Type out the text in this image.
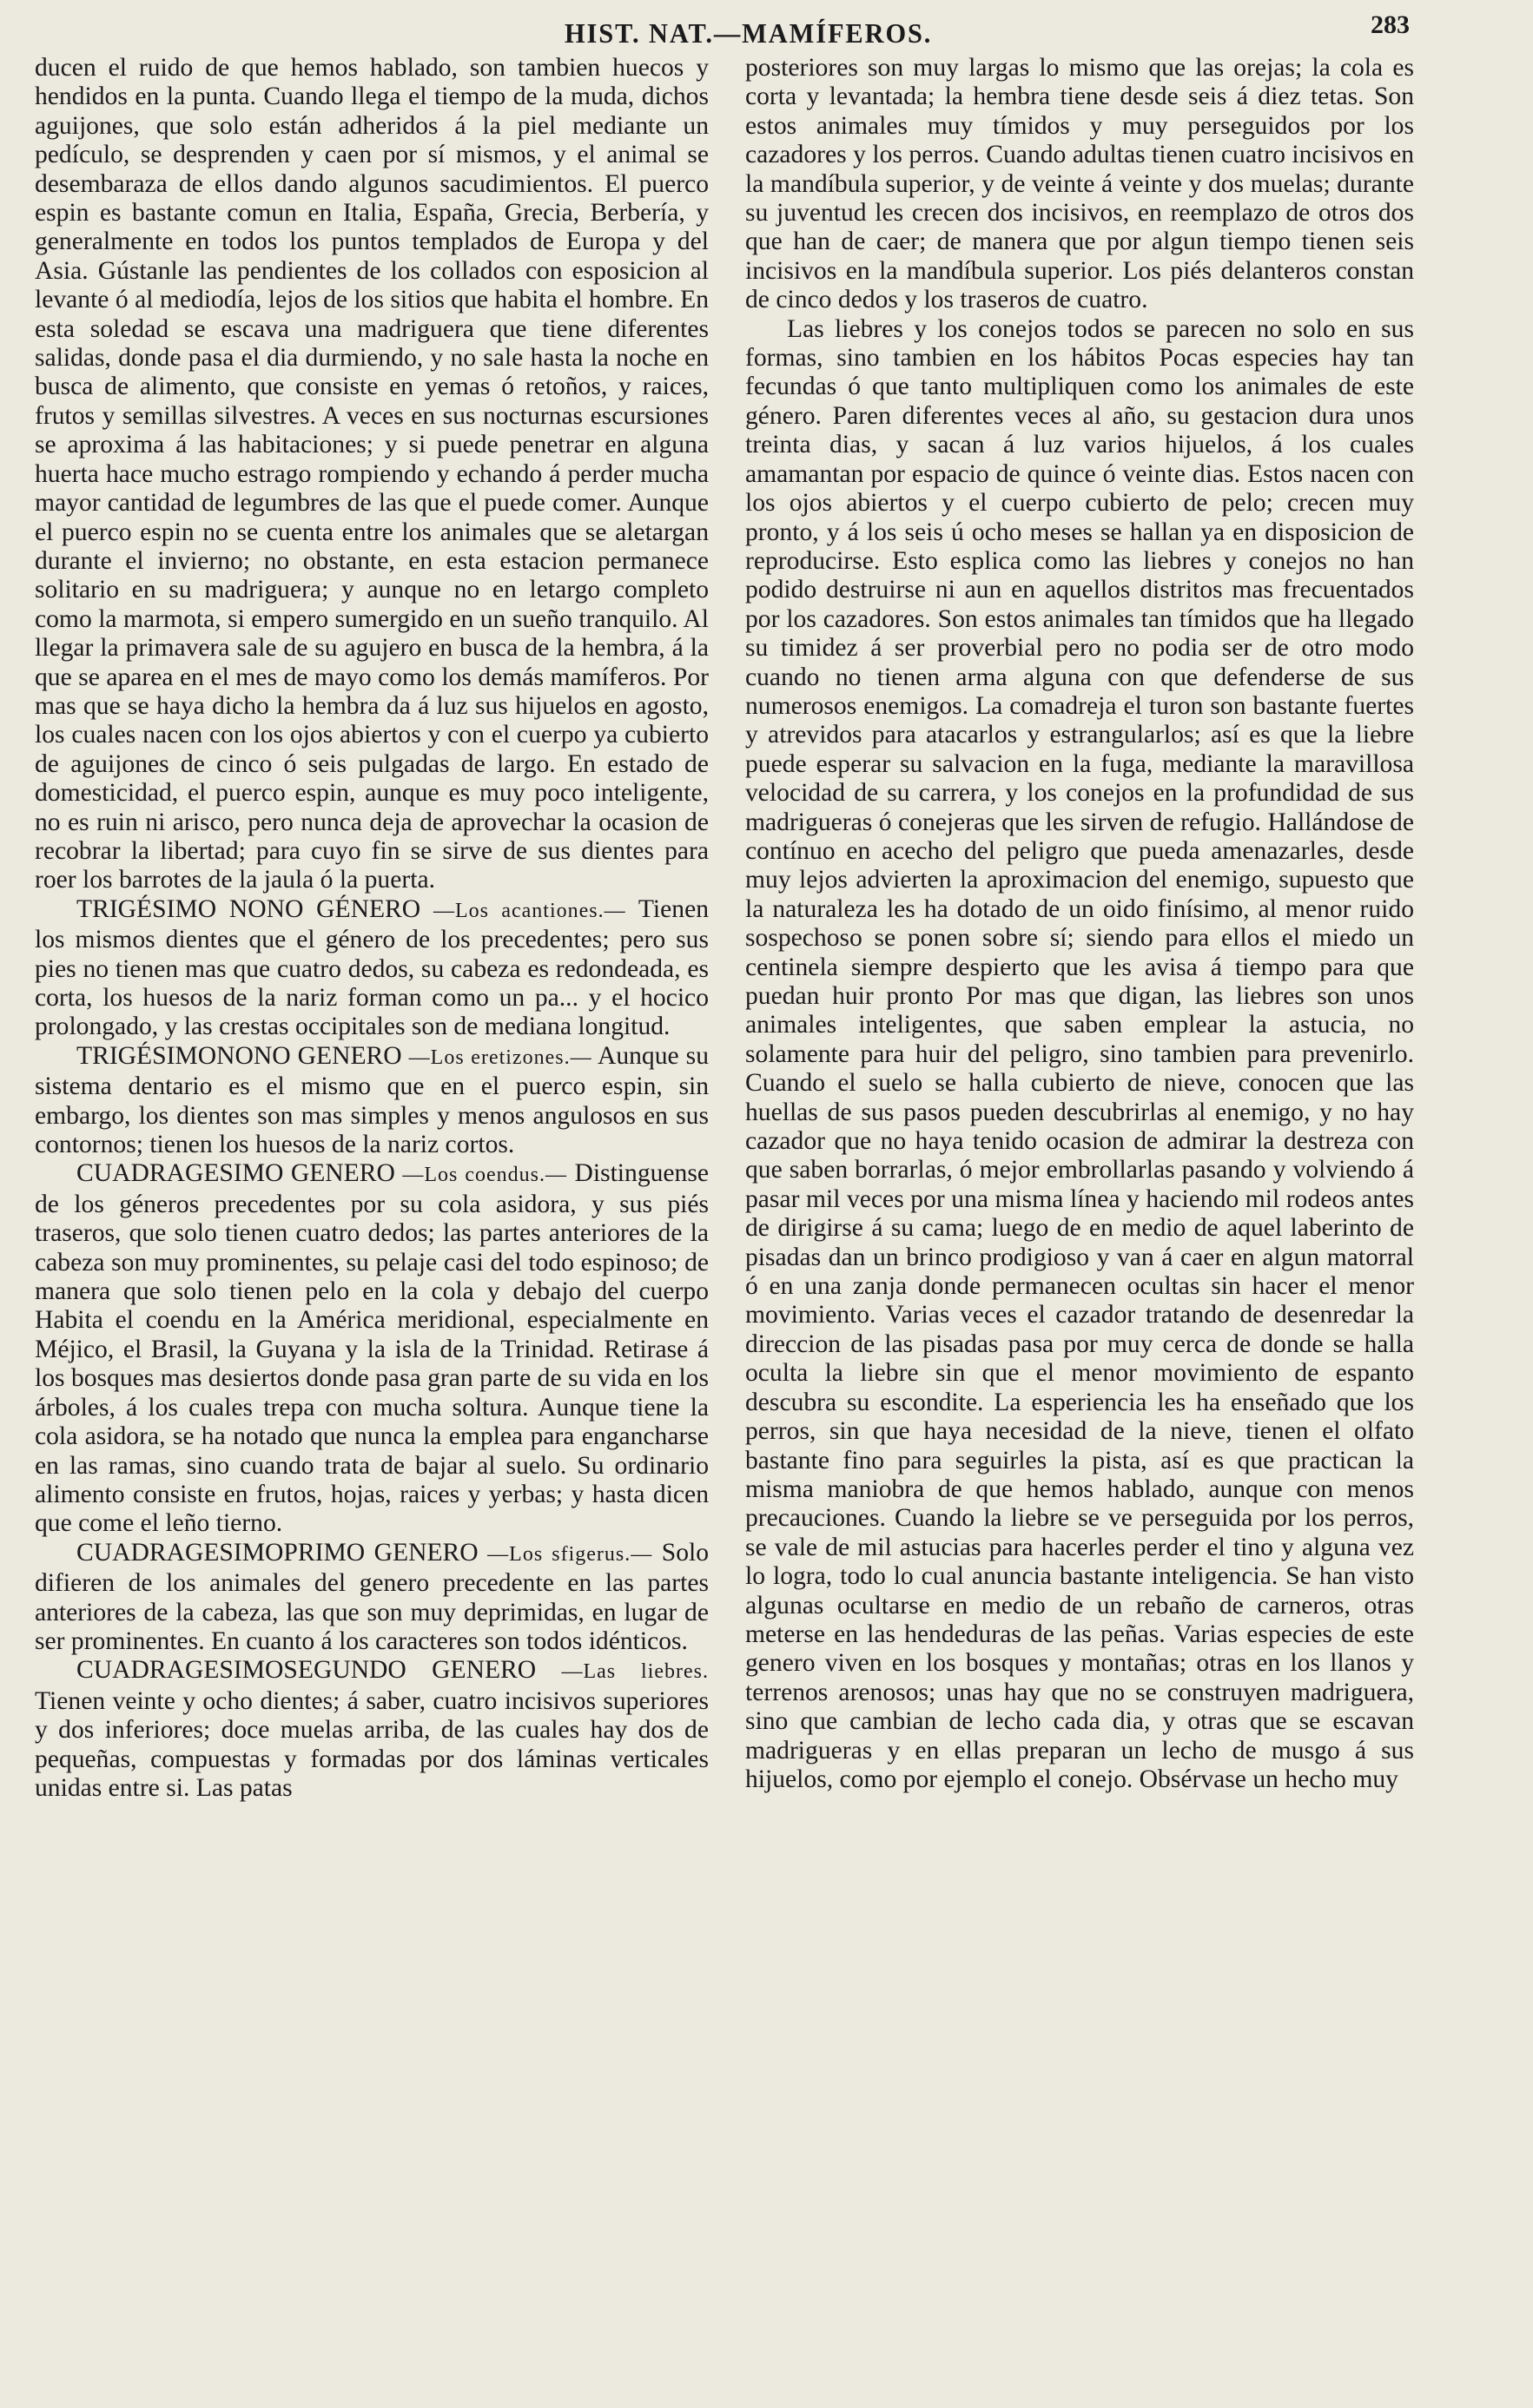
HIST. NAT.—MAMÍFEROS.	283

ducen el ruido de que hemos hablado, son tambien huecos y hendidos en la punta. Cuando llega el tiempo de la muda, dichos aguijones, que solo están adheridos á la piel mediante un pedículo, se desprenden y caen por sí mismos, y el animal se desembaraza de ellos dando algunos sacudimientos. El puerco espin es bastante comun en Italia, España, Grecia, Berbería, y generalmente en todos los puntos templados de Europa y del Asia. Gústanle las pendientes de los collados con esposicion al levante ó al mediodía, lejos de los sitios que habita el hombre. En esta soledad se escava una madriguera que tiene diferentes salidas, donde pasa el dia durmiendo, y no sale hasta la noche en busca de alimento, que consiste en yemas ó retoños, y raices, frutos y semillas silvestres. A veces en sus nocturnas escursiones se aproxima á las habitaciones; y si puede penetrar en alguna huerta hace mucho estrago rompiendo y echando á perder mucha mayor cantidad de legumbres de las que el puede comer. Aunque el puerco espin no se cuenta entre los animales que se aletargan durante el invierno; no obstante, en esta estacion permanece solitario en su madriguera; y aunque no en letargo completo como la marmota, si empero sumergido en un sueño tranquilo. Al llegar la primavera sale de su agujero en busca de la hembra, á la que se aparea en el mes de mayo como los demás mamíferos. Por mas que se haya dicho la hembra da á luz sus hijuelos en agosto, los cuales nacen con los ojos abiertos y con el cuerpo ya cubierto de aguijones de cinco ó seis pulgadas de largo. En estado de domesticidad, el puerco espin, aunque es muy poco inteligente, no es ruin ni arisco, pero nunca deja de aprovechar la ocasion de recobrar la libertad; para cuyo fin se sirve de sus dientes para roer los barrotes de la jaula ó la puerta.

TRIGÉSIMO NONO GÉNERO —Los acantiones.— Tienen los mismos dientes que el género de los precedentes; pero sus pies no tienen mas que cuatro dedos, su cabeza es redondeada, es corta, los huesos de la nariz forman como un pa... y el hocico prolongado, y las crestas occipitales son de mediana longitud.

TRIGÉSIMONONO GENERO —Los eretizones.— Aunque su sistema dentario es el mismo que en el puerco espin, sin embargo, los dientes son mas simples y menos angulosos en sus contornos; tienen los huesos de la nariz cortos.

CUADRAGESIMO GENERO —Los coendus.— Distinguense de los géneros precedentes por su cola asidora, y sus piés traseros, que solo tienen cuatro dedos; las partes anteriores de la cabeza son muy prominentes, su pelaje casi del todo espinoso; de manera que solo tienen pelo en la cola y debajo del cuerpo Habita el coendu en la América meridional, especialmente en Méjico, el Brasil, la Guyana y la isla de la Trinidad. Retirase á los bosques mas desiertos donde pasa gran parte de su vida en los árboles, á los cuales trepa con mucha soltura. Aunque tiene la cola asidora, se ha notado que nunca la emplea para engancharse en las ramas, sino cuando trata de bajar al suelo. Su ordinario alimento consiste en frutos, hojas, raices y yerbas; y hasta dicen que come el leño tierno.

CUADRAGESIMOPRIMO GENERO —Los sfigerus.— Solo difieren de los animales del genero precedente en las partes anteriores de la cabeza, las que son muy deprimidas, en lugar de ser prominentes. En cuanto á los caracteres son todos idénticos.

CUADRAGESIMOSEGUNDO GENERO —Las liebres. Tienen veinte y ocho dientes; á saber, cuatro incisivos superiores y dos inferiores; doce muelas arriba, de las cuales hay dos de pequeñas, compuestas y formadas por dos láminas verticales unidas entre si. Las patas

posteriores son muy largas lo mismo que las orejas; la cola es corta y levantada; la hembra tiene desde seis á diez tetas. Son estos animales muy tímidos y muy perseguidos por los cazadores y los perros. Cuando adultas tienen cuatro incisivos en la mandíbula superior, y de veinte á veinte y dos muelas; durante su juventud les crecen dos incisivos, en reemplazo de otros dos que han de caer; de manera que por algun tiempo tienen seis incisivos en la mandíbula superior. Los piés delanteros constan de cinco dedos y los traseros de cuatro.

Las liebres y los conejos todos se parecen no solo en sus formas, sino tambien en los hábitos Pocas especies hay tan fecundas ó que tanto multipliquen como los animales de este género. Paren diferentes veces al año, su gestacion dura unos treinta dias, y sacan á luz varios hijuelos, á los cuales amamantan por espacio de quince ó veinte dias. Estos nacen con los ojos abiertos y el cuerpo cubierto de pelo; crecen muy pronto, y á los seis ú ocho meses se hallan ya en disposicion de reproducirse. Esto esplica como las liebres y conejos no han podido destruirse ni aun en aquellos distritos mas frecuentados por los cazadores. Son estos animales tan tímidos que ha llegado su timidez á ser proverbial pero no podia ser de otro modo cuando no tienen arma alguna con que defenderse de sus numerosos enemigos. La comadreja el turon son bastante fuertes y atrevidos para atacarlos y estrangularlos; así es que la liebre puede esperar su salvacion en la fuga, mediante la maravillosa velocidad de su carrera, y los conejos en la profundidad de sus madrigueras ó conejeras que les sirven de refugio. Hallándose de contínuo en acecho del peligro que pueda amenazarles, desde muy lejos advierten la aproximacion del enemigo, supuesto que la naturaleza les ha dotado de un oido finísimo, al menor ruido sospechoso se ponen sobre sí; siendo para ellos el miedo un centinela siempre despierto que les avisa á tiempo para que puedan huir pronto Por mas que digan, las liebres son unos animales inteligentes, que saben emplear la astucia, no solamente para huir del peligro, sino tambien para prevenirlo. Cuando el suelo se halla cubierto de nieve, conocen que las huellas de sus pasos pueden descubrirlas al enemigo, y no hay cazador que no haya tenido ocasion de admirar la destreza con que saben borrarlas, ó mejor embrollarlas pasando y volviendo á pasar mil veces por una misma línea y haciendo mil rodeos antes de dirigirse á su cama; luego de en medio de aquel laberinto de pisadas dan un brinco prodigioso y van á caer en algun matorral ó en una zanja donde permanecen ocultas sin hacer el menor movimiento. Varias veces el cazador tratando de desenredar la direccion de las pisadas pasa por muy cerca de donde se halla oculta la liebre sin que el menor movimiento de espanto descubra su escondite. La esperiencia les ha enseñado que los perros, sin que haya necesidad de la nieve, tienen el olfato bastante fino para seguirles la pista, así es que practican la misma maniobra de que hemos hablado, aunque con menos precauciones. Cuando la liebre se ve perseguida por los perros, se vale de mil astucias para hacerles perder el tino y alguna vez lo logra, todo lo cual anuncia bastante inteligencia. Se han visto algunas ocultarse en medio de un rebaño de carneros, otras meterse en las hendeduras de las peñas. Varias especies de este genero viven en los bosques y montañas; otras en los llanos y terrenos arenosos; unas hay que no se construyen madriguera, sino que cambian de lecho cada dia, y otras que se escavan madrigueras y en ellas preparan un lecho de musgo á sus hijuelos, como por ejemplo el conejo. Obsérvase un hecho muy
